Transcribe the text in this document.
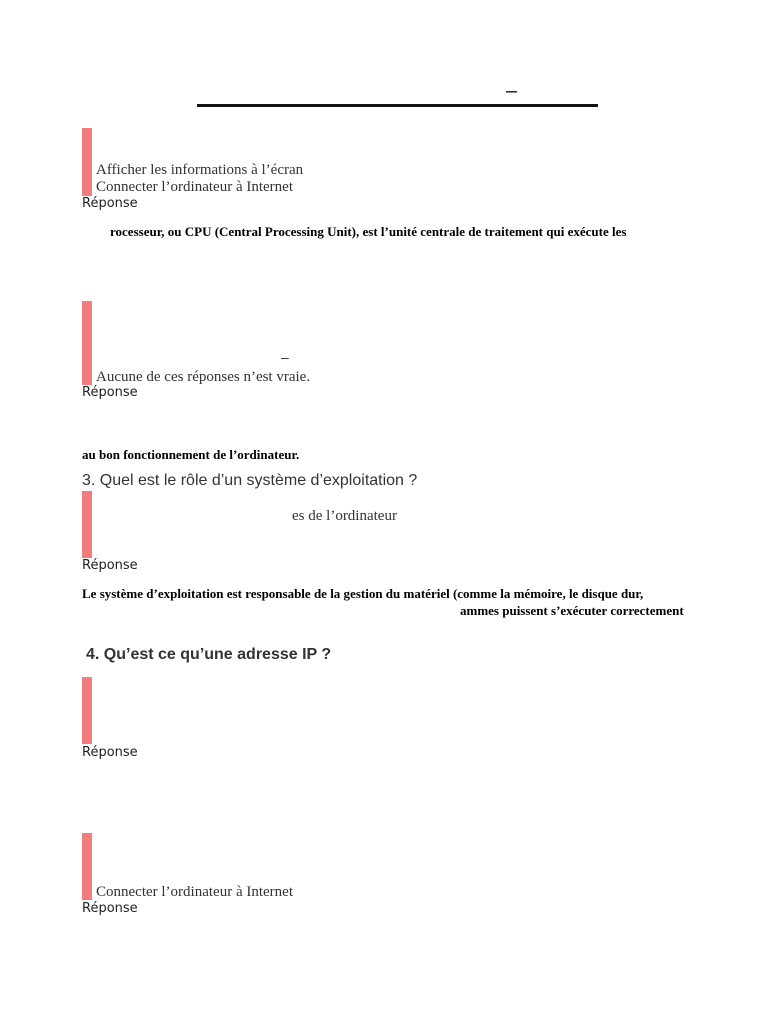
–
Afficher les informations à l’écran
Connecter l’ordinateur à Internet
Réponse
rocesseur, ou CPU (Central Processing Unit), est l’unité centrale de traitement qui exécute les
–
Aucune de ces réponses n’est vraie.
Réponse
au bon fonctionnement de l’ordinateur.
3. Quel est le rôle d’un système d’exploitation ?
es de l’ordinateur
Réponse
Le système d’exploitation est responsable de la gestion du matériel (comme la mémoire, le disque dur,
ammes puissent s’exécuter correctement
4. Qu’est ce qu’une adresse IP ?
Réponse
Connecter l’ordinateur à Internet
Réponse
